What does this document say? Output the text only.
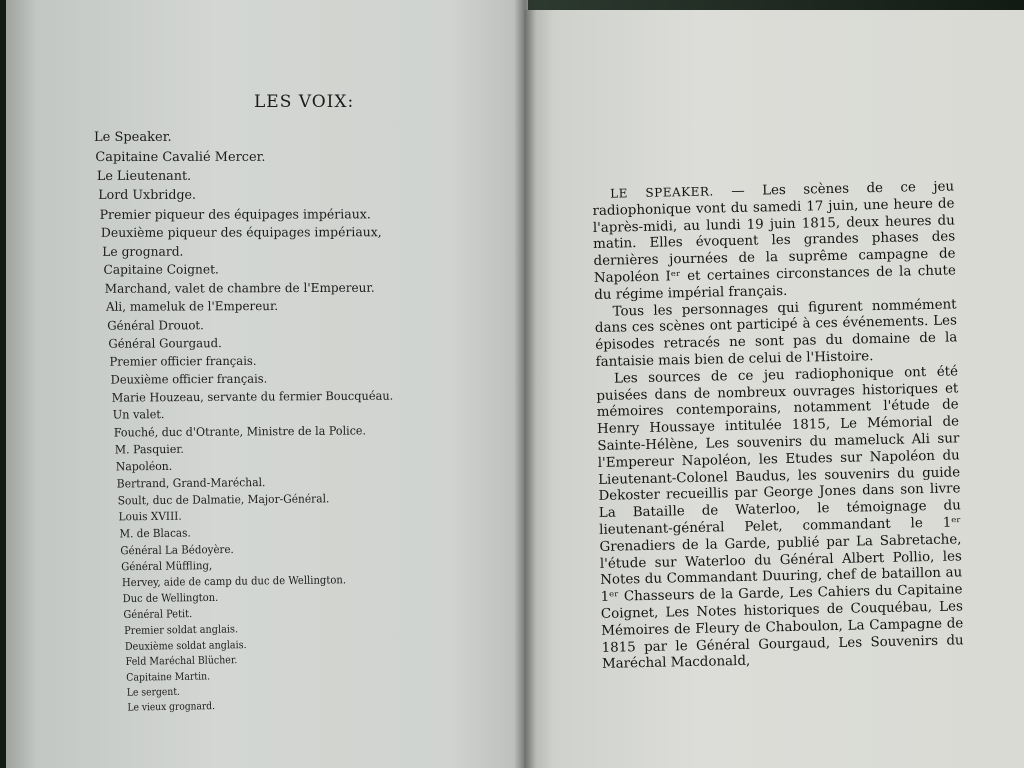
LES VOIX:
Le Speaker.
Capitaine Cavalié Mercer.
Le Lieutenant.
Lord Uxbridge.
Premier piqueur des équipages impériaux.
Deuxième piqueur des équipages impériaux,
Le grognard.
Capitaine Coignet.
Marchand, valet de chambre de l'Empereur.
Ali, mameluk de l'Empereur.
Général Drouot.
Général Gourgaud.
Premier officier français.
Deuxième officier français.
Marie Houzeau, servante du fermier Boucquéau.
Un valet.
Fouché, duc d'Otrante, Ministre de la Police.
M. Pasquier.
Napoléon.
Bertrand, Grand-Maréchal.
Soult, duc de Dalmatie, Major-Général.
Louis XVIII.
M. de Blacas.
Général La Bédoyère.
Général Müffling,
Hervey, aide de camp du duc de Wellington.
Duc de Wellington.
Général Petit.
Premier soldat anglais.
Deuxième soldat anglais.
Feld Maréchal Blücher.
Capitaine Martin.
Le sergent.
Le vieux grognard.

LE SPEAKER. — Les scènes de ce jeu radiophonique vont du samedi 17 juin, une heure de l'après-midi, au lundi 19 juin 1815, deux heures du matin. Elles évoquent les grandes phases des dernières journées de la suprême campagne de Napoléon Iᵉʳ et certaines circonstances de la chute du régime impérial français.

Tous les personnages qui figurent nommément dans ces scènes ont participé à ces événements. Les épisodes retracés ne sont pas du domaine de la fantaisie mais bien de celui de l'Histoire.

Les sources de ce jeu radiophonique ont été puisées dans de nombreux ouvrages historiques et mémoires contemporains, notamment l'étude de Henry Houssaye intitulée 1815, Le Mémorial de Sainte-Hélène, Les souvenirs du mameluck Ali sur l'Empereur Napoléon, les Etudes sur Napoléon du Lieutenant-Colonel Baudus, les souvenirs du guide Dekoster recueillis par George Jones dans son livre La Bataille de Waterloo, le témoignage du lieutenant-général Pelet, commandant le 1ᵉʳ Grenadiers de la Garde, publié par La Sabretache, l'étude sur Waterloo du Général Albert Pollio, les Notes du Commandant Duuring, chef de bataillon au 1ᵉʳ Chasseurs de la Garde, Les Cahiers du Capitaine Coignet, Les Notes historiques de Couquébau, Les Mémoires de Fleury de Chaboulon, La Campagne de 1815 par le Général Gourgaud, Les Souvenirs du Maréchal Macdonald,
